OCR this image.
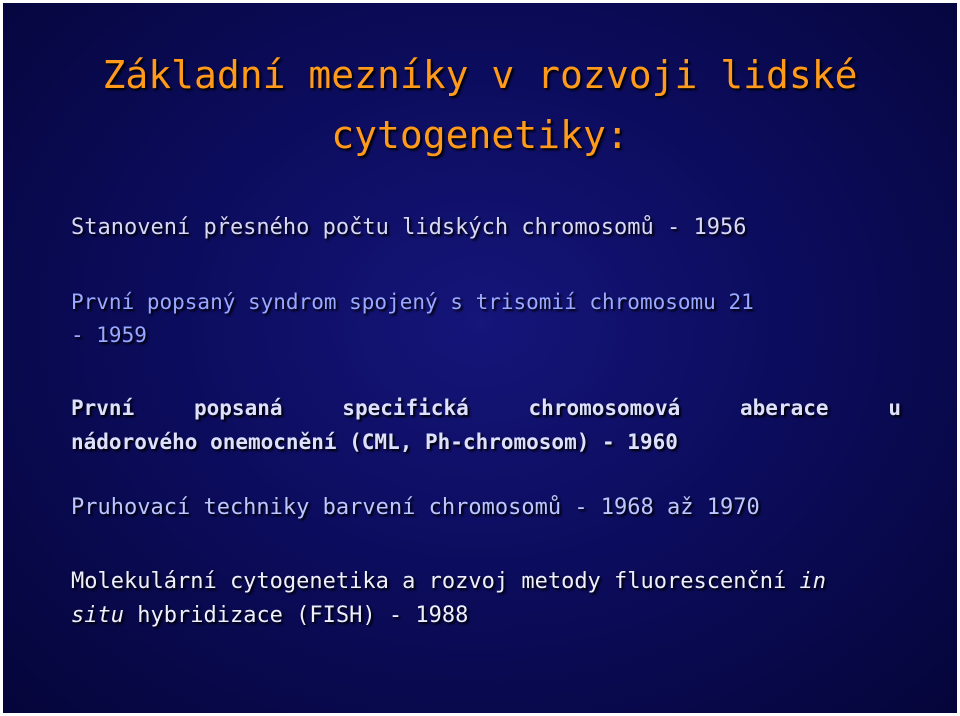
Základní mezníky v rozvoji lidské
cytogenetiky:
Stanovení přesného počtu lidských chromosomů - 1956
První popsaný syndrom spojený s trisomií chromosomu 21
- 1959
První	popsaná	specifická	chromosomová	aberace	u
nádorového onemocnění (CML, Ph-chromosom) - 1960
Pruhovací techniky barvení chromosomů - 1968 až 1970
Molekulární cytogenetika a rozvoj metody fluorescenční in
situ hybridizace (FISH) - 1988
